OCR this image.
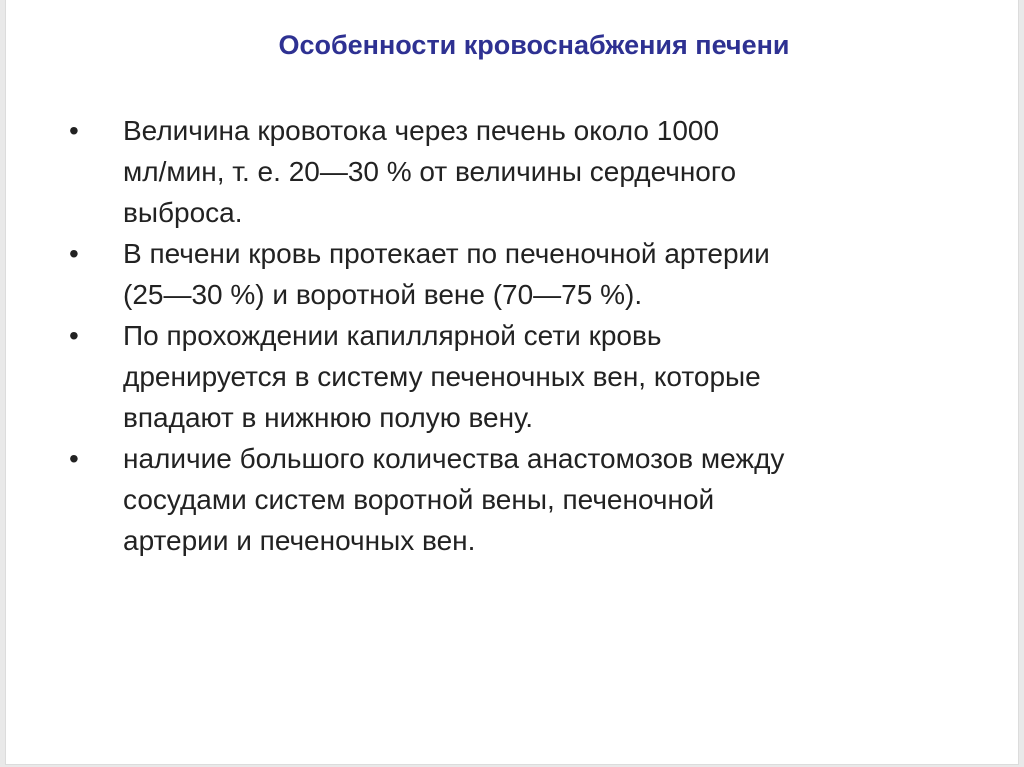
Особенности кровоснабжения печени
• Величина кровотока через печень около 1000
мл/мин, т. е. 20—30 % от величины сердечного
выброса.
• В печени кровь протекает по печеночной артерии
(25—30 %) и воротной вене (70—75 %).
• По прохождении капиллярной сети кровь
дренируется в систему печеночных вен, которые
впадают в нижнюю полую вену.
• наличие большого количества анастомозов между
сосудами систем воротной вены, печеночной
артерии и печеночных вен.
